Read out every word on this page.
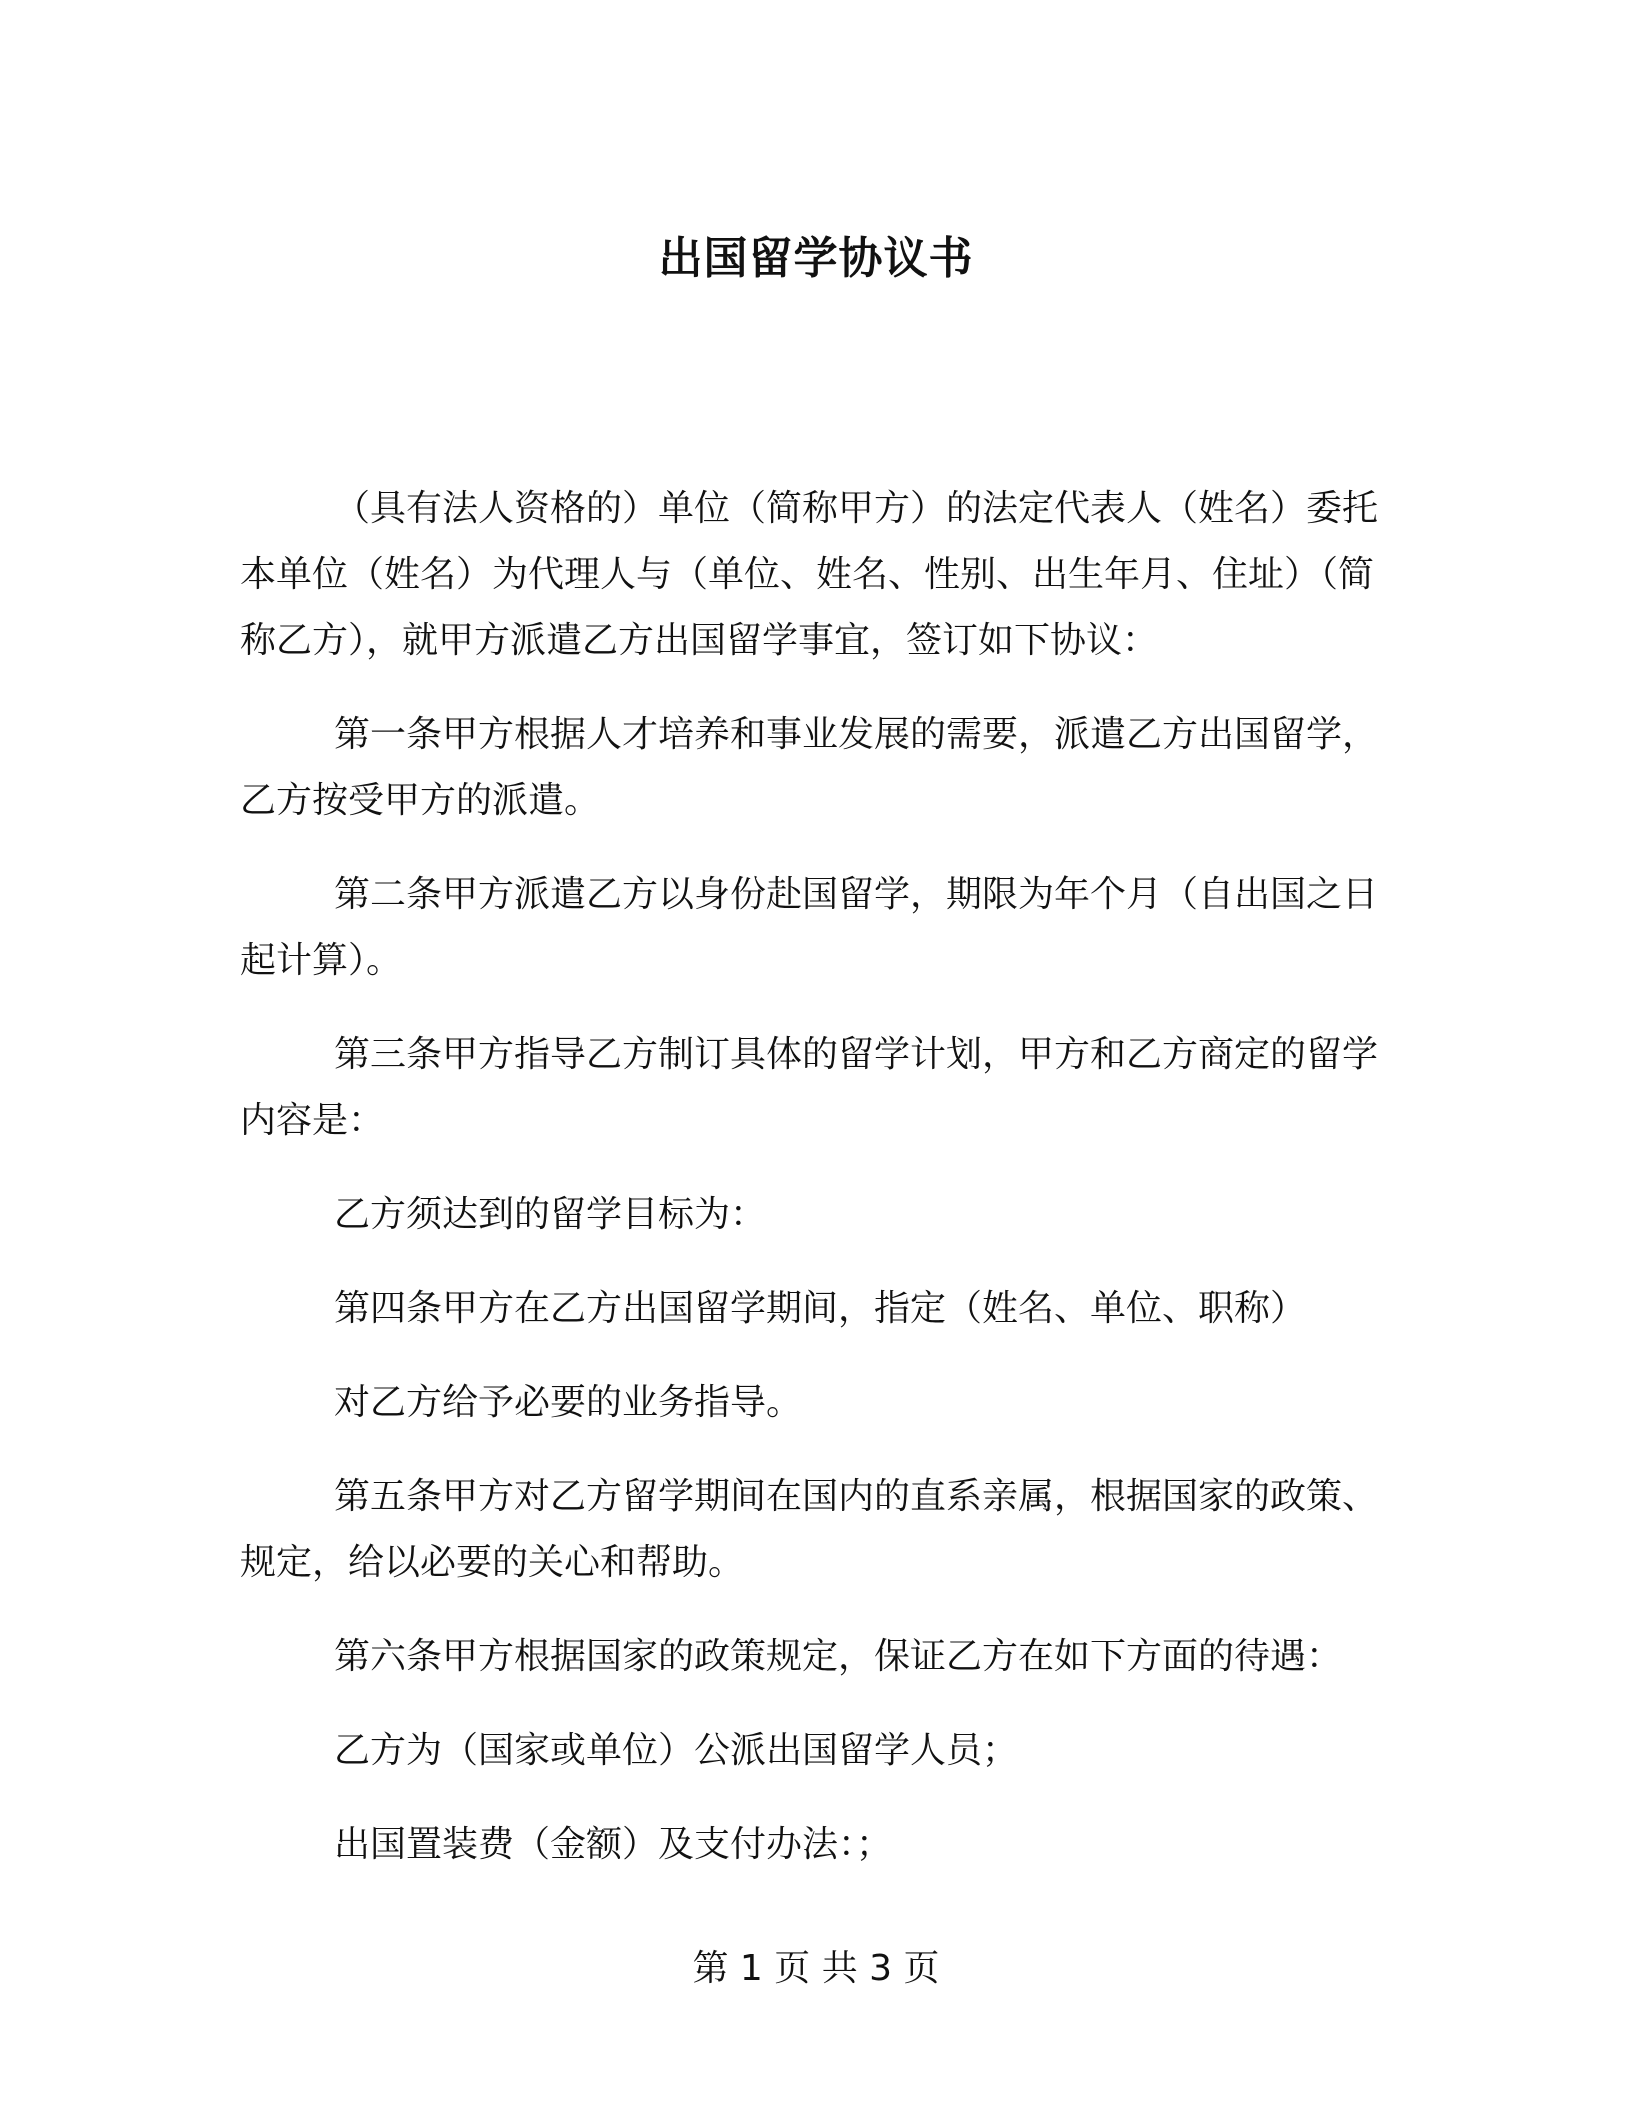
出国留学协议书

（具有法人资格的）单位（简称甲方）的法定代表人（姓名）委托本单位（姓名）为代理人与（单位、姓名、性别、出生年月、住址）（简称乙方），就甲方派遣乙方出国留学事宜，签订如下协议：

第一条甲方根据人才培养和事业发展的需要，派遣乙方出国留学，乙方按受甲方的派遣。

第二条甲方派遣乙方以身份赴国留学，期限为年个月（自出国之日起计算）。

第三条甲方指导乙方制订具体的留学计划，甲方和乙方商定的留学内容是：

乙方须达到的留学目标为：

第四条甲方在乙方出国留学期间，指定（姓名、单位、职称）

对乙方给予必要的业务指导。

第五条甲方对乙方留学期间在国内的直系亲属，根据国家的政策、规定，给以必要的关心和帮助。

第六条甲方根据国家的政策规定，保证乙方在如下方面的待遇：

乙方为（国家或单位）公派出国留学人员；

出国置装费（金额）及支付办法：；

第 1 页 共 3 页
